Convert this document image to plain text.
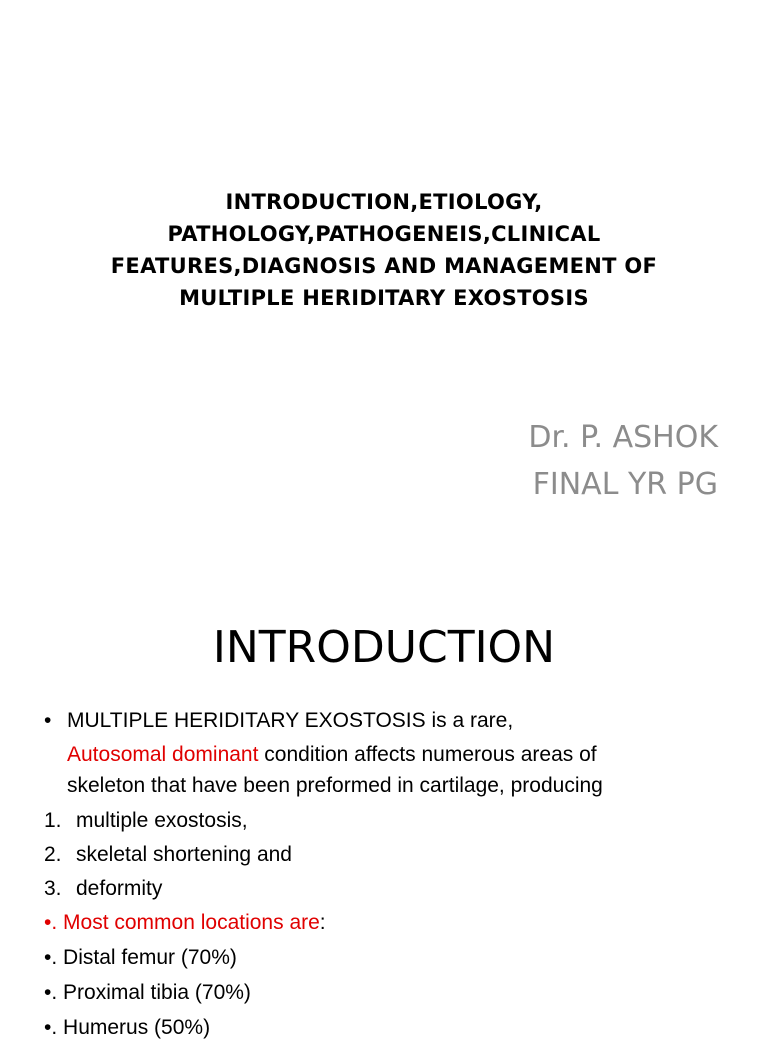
INTRODUCTION,ETIOLOGY,
PATHOLOGY,PATHOGENEIS,CLINICAL
FEATURES,DIAGNOSIS AND MANAGEMENT OF
MULTIPLE HERIDITARY EXOSTOSIS
Dr. P. ASHOK
FINAL YR PG
INTRODUCTION
• MULTIPLE HERIDITARY EXOSTOSIS is a rare,
Autosomal dominant condition affects numerous areas of
skeleton that have been preformed in cartilage, producing
1. multiple exostosis,
2. skeletal shortening and
3. deformity
•. Most common locations are:
•. Distal femur (70%)
•. Proximal tibia (70%)
•. Humerus (50%)
